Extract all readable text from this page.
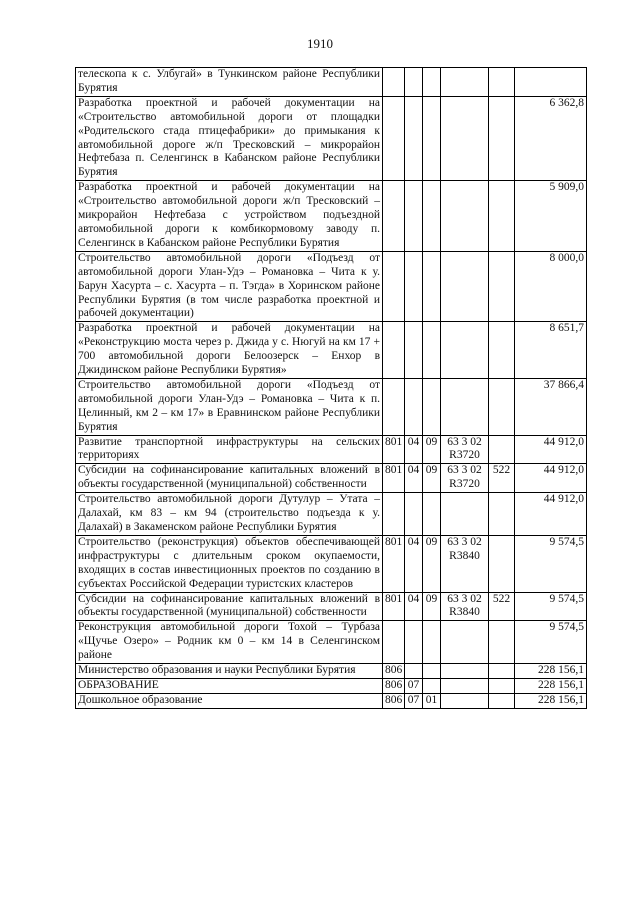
1910
телескопа к с. Улбугай» в Тункинском районе Республики Бурятия						
Разработка проектной и рабочей документации на «Строительство автомобильной дороги от площадки «Родительского стада птицефабрики» до примыкания к автомобильной дороге ж/п Тресковский – микрорайон Нефтебаза п. Селенгинск в Кабанском районе Республики Бурятия						6 362,8
Разработка проектной и рабочей документации на «Строительство автомобильной дороги ж/п Тресковский – микрорайон Нефтебаза с устройством подъездной автомобильной дороги к комбикормовому заводу п. Селенгинск в Кабанском районе Республики Бурятия						5 909,0
Строительство автомобильной дороги «Подъезд от автомобильной дороги Улан-Удэ – Романовка – Чита к у. Барун Хасурта – с. Хасурта – п. Тэгда» в Хоринском районе Республики Бурятия (в том числе разработка проектной и рабочей документации)						8 000,0
Разработка проектной и рабочей документации на «Реконструкцию моста через р. Джида у с. Нюгуй на км 17 + 700 автомобильной дороги Белоозерск – Енхор в Джидинском районе Республики Бурятия»						8 651,7
Строительство автомобильной дороги «Подъезд от автомобильной дороги Улан-Удэ – Романовка – Чита к п. Целинный, км 2 – км 17» в Еравнинском районе Республики Бурятия						37 866,4
Развитие транспортной инфраструктуры на сельских территориях	801	04	09	63 3 02 R3720		44 912,0
Субсидии на софинансирование капитальных вложений в объекты государственной (муниципальной) собственности	801	04	09	63 3 02 R3720	522	44 912,0
Строительство автомобильной дороги Дутулур – Утата – Далахай, км 83 – км 94 (строительство подъезда к у. Далахай) в Закаменском районе Республики Бурятия						44 912,0
Строительство (реконструкция) объектов обеспечивающей инфраструктуры с длительным сроком окупаемости, входящих в состав инвестиционных проектов по созданию в субъектах Российской Федерации туристских кластеров	801	04	09	63 3 02 R3840		9 574,5
Субсидии на софинансирование капитальных вложений в объекты государственной (муниципальной) собственности	801	04	09	63 3 02 R3840	522	9 574,5
Реконструкция автомобильной дороги Тохой – Турбаза «Щучье Озеро» – Родник км 0 – км 14 в Селенгинском районе						9 574,5
Министерство образования и науки Республики Бурятия	806					228 156,1
ОБРАЗОВАНИЕ	806	07				228 156,1
Дошкольное образование	806	07	01			228 156,1
